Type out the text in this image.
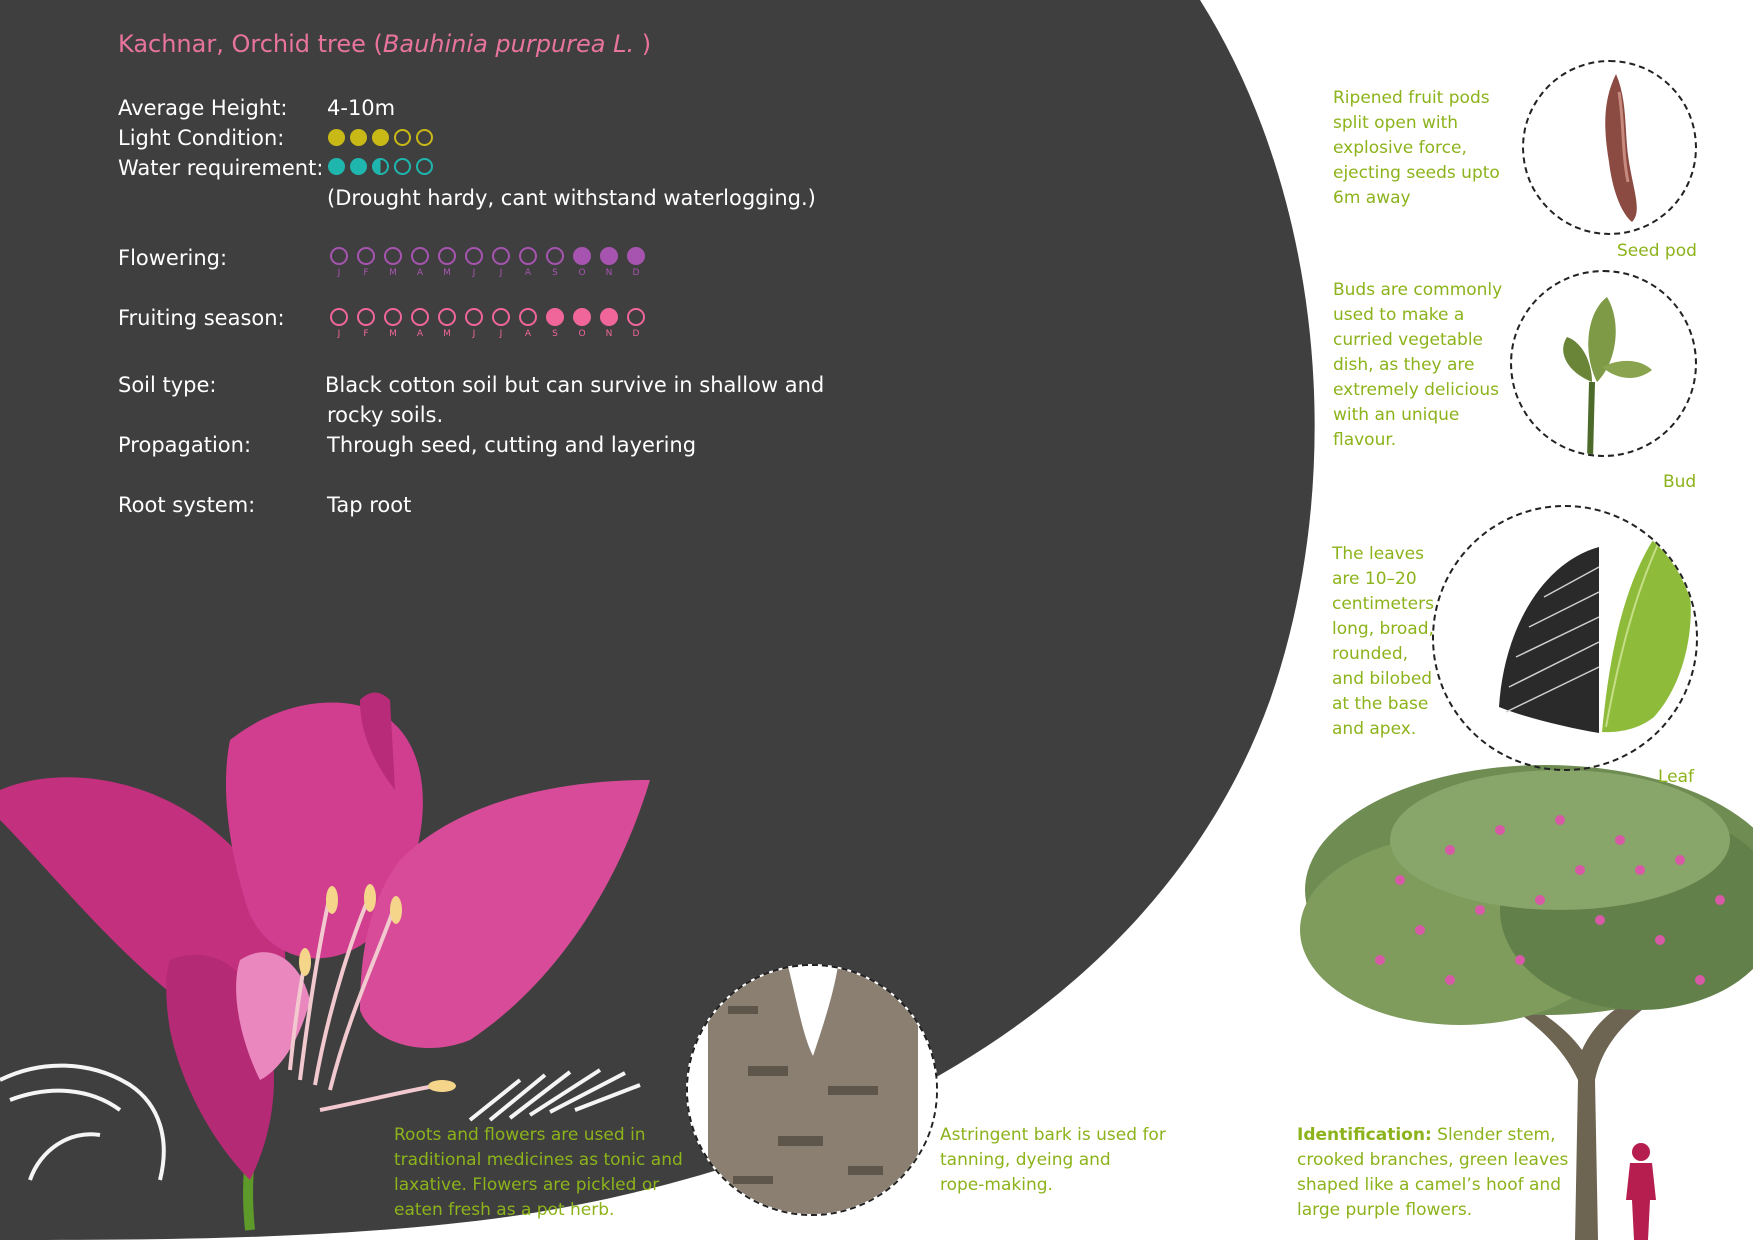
Kachnar, Orchid tree (Bauhinia purpurea L. )
Average Height: 4-10m
Light Condition:
Water requirement:
(Drought hardy, cant withstand waterlogging.)
Flowering:
J	F M A M J	J	A S O N D
Fruiting season:
J	F M A M J	J	A S O N D
Soil type:	Black cotton soil but can survive in shallow and
rocky soils.
Propagation:	Through seed, cutting and layering
Root system:	Tap root
Ripened fruit pods
split open with
explosive force,
ejecting seeds upto
6m away
Seed pod
Buds are commonly
used to make a
curried vegetable
dish, as they are
extremely delicious
with an unique
flavour.
Bud
The leaves
are 10–20
centimeters
long, broad,
rounded,
and bilobed
at the base
and apex.
Leaf
Roots and flowers are used in
traditional medicines as tonic and
laxative. Flowers are pickled or
eaten fresh as a pot herb.
Astringent bark is used for
tanning, dyeing and
rope-making.
Identification: Slender stem,
crooked branches, green leaves
shaped like a camel’s hoof and
large purple flowers.
